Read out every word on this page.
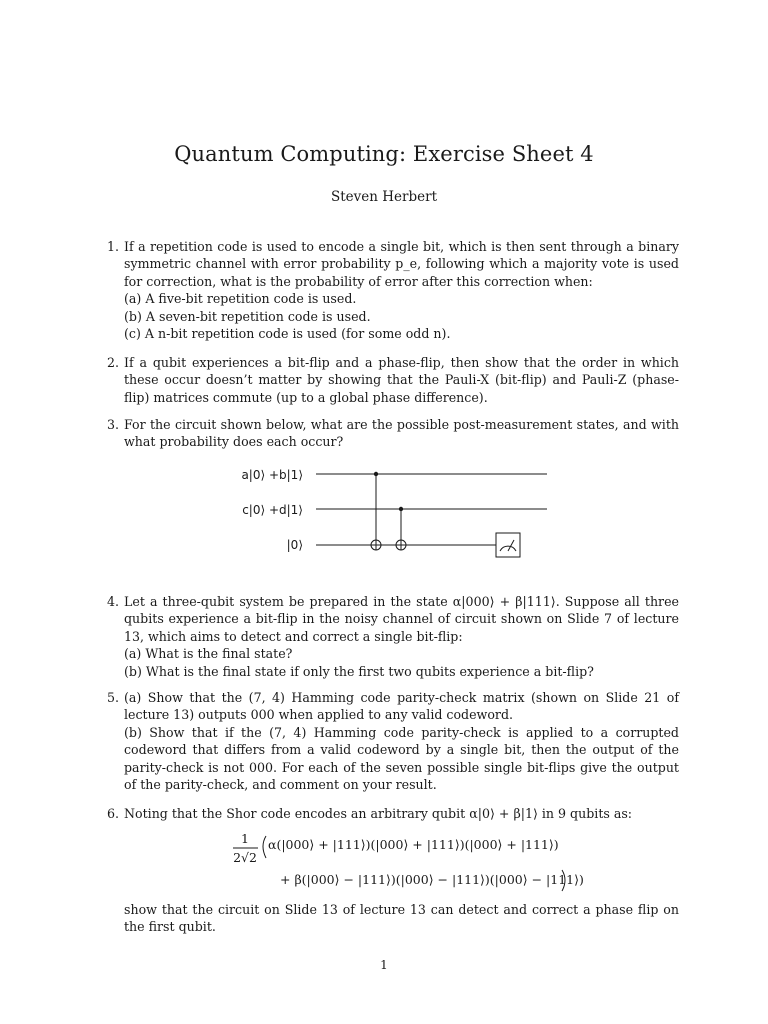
Quantum Computing: Exercise Sheet 4
Steven Herbert
1. If a repetition code is used to encode a single bit, which is then sent through a binary symmetric channel with error probability p_e, following which a majority vote is used for correction, what is the probability of error after this correction when:

(a) A five-bit repetition code is used.

(b) A seven-bit repetition code is used.

(c) A n-bit repetition code is used (for some odd n).

2. If a qubit experiences a bit-flip and a phase-flip, then show that the order in which these occur doesn’t matter by showing that the Pauli-X (bit-flip) and Pauli-Z (phase-flip) matrices commute (up to a global phase difference).

3. For the circuit shown below, what are the possible post-measurement states, and with what probability does each occur?

a|0⟩ +b|1⟩
c|0⟩ +d|1⟩
|0⟩
4. Let a three-qubit system be prepared in the state α|000⟩ + β|111⟩. Suppose all three qubits experience a bit-flip in the noisy channel of circuit shown on Slide 7 of lecture 13, which aims to detect and correct a single bit-flip:

(a) What is the final state?

(b) What is the final state if only the first two qubits experience a bit-flip?

5. (a) Show that the (7, 4) Hamming code parity-check matrix (shown on Slide 21 of lecture 13) outputs 000 when applied to any valid codeword.

(b) Show that if the (7, 4) Hamming code parity-check is applied to a corrupted codeword that differs from a valid codeword by a single bit, then the output of the parity-check is not 000. For each of the seven possible single bit-flips give the output of the parity-check, and comment on your result.

6. Noting that the Shor code encodes an arbitrary qubit α|0⟩ + β|1⟩ in 9 qubits as:

1
2√2
α(|000⟩ + |111⟩)(|000⟩ + |111⟩)(|000⟩ + |111⟩)
+ β(|000⟩ − |111⟩)(|000⟩ − |111⟩)(|000⟩ − |111⟩)

show that the circuit on Slide 13 of lecture 13 can detect and correct a phase flip on the first qubit.

1
